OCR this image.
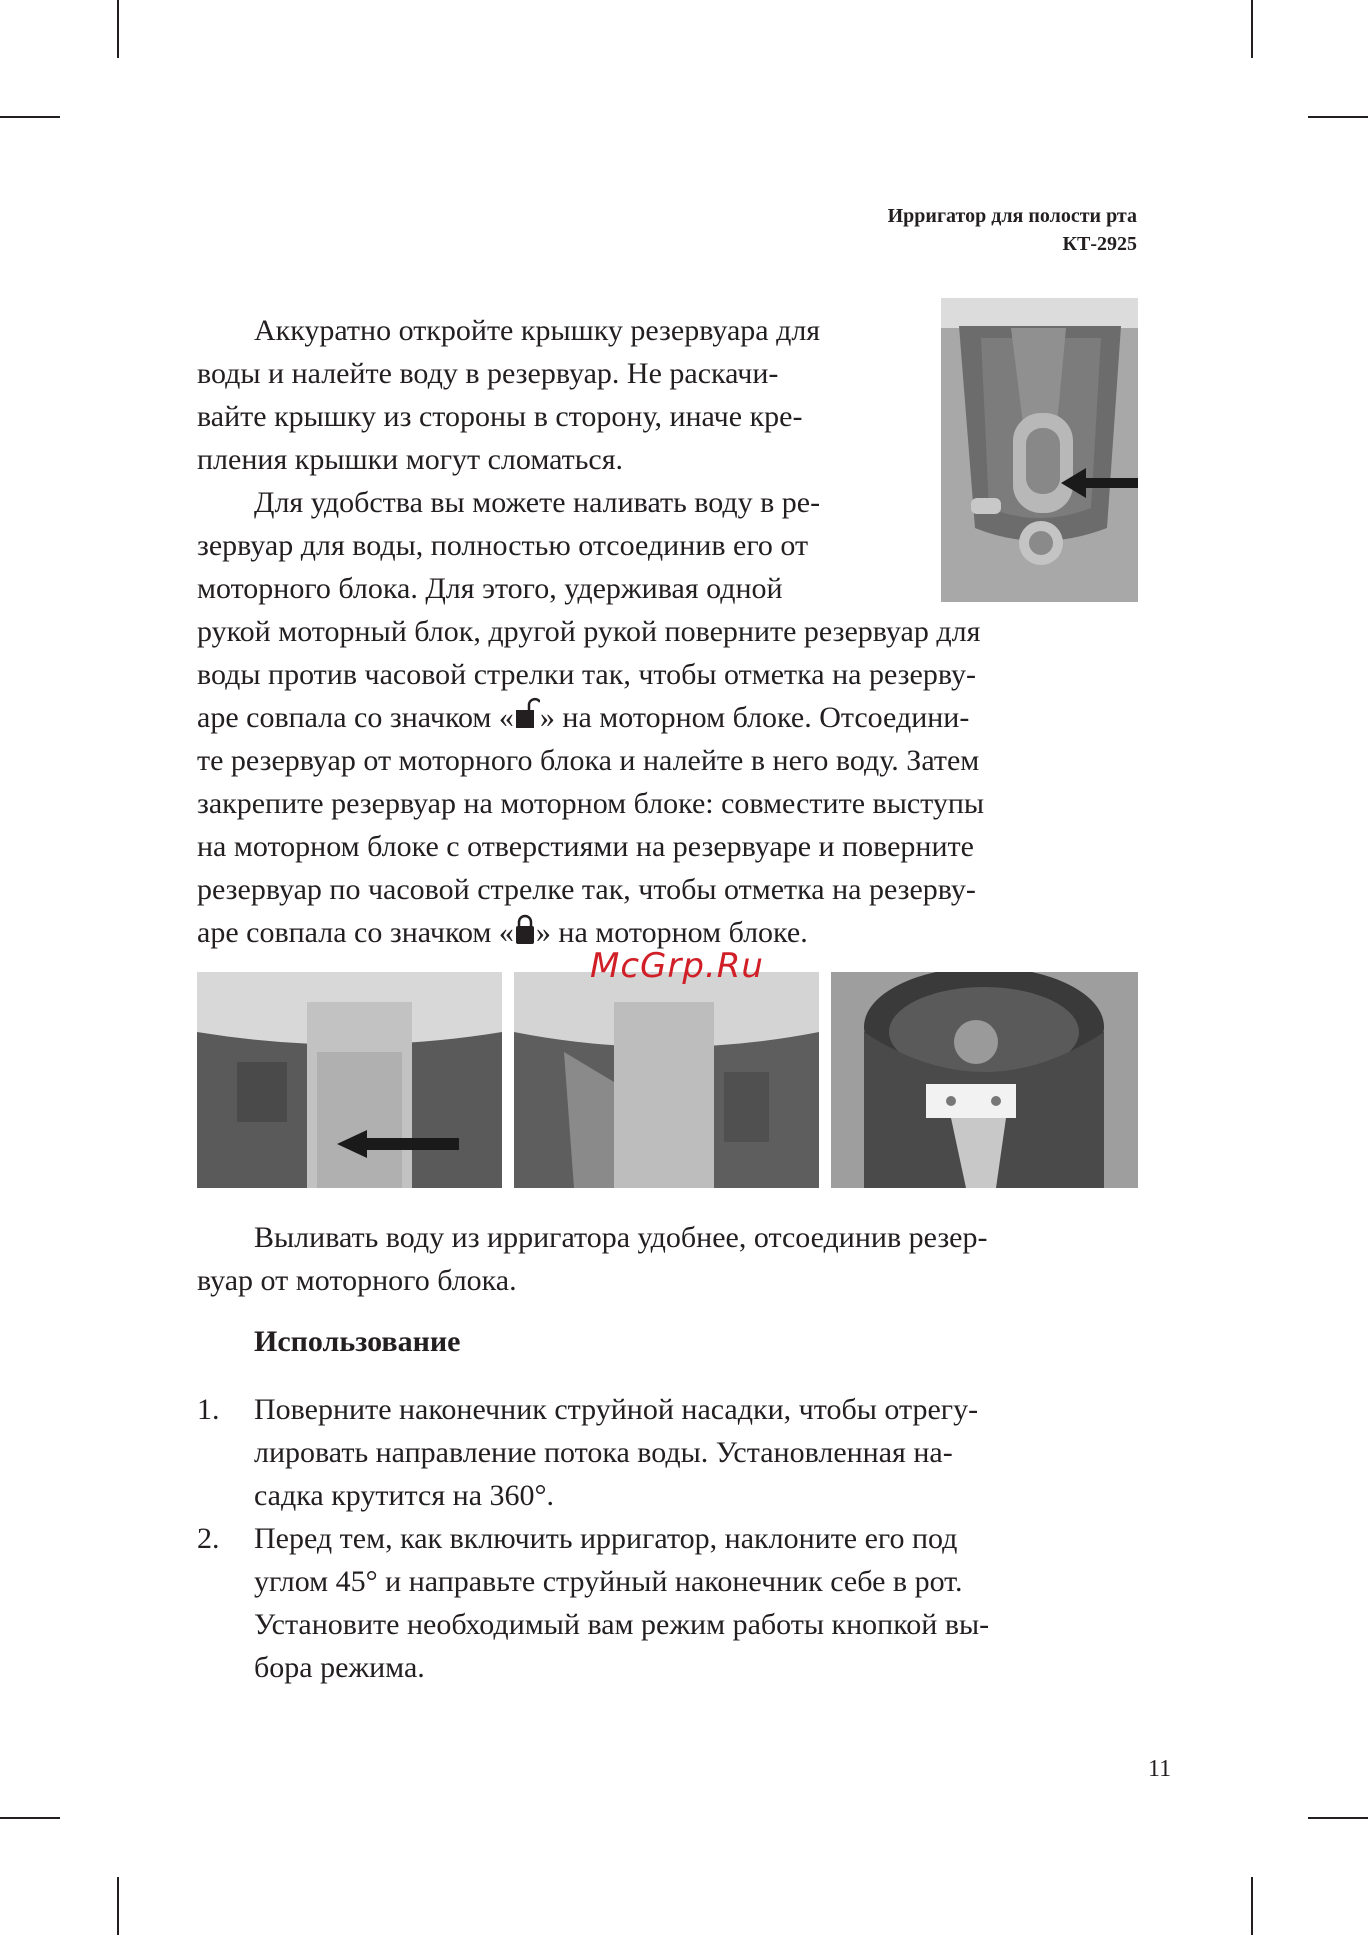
Ирригатор для полости рта
КТ-2925
Аккуратно откройте крышку резервуара для
воды и налейте воду в резервуар. Не раскачи-
вайте крышку из стороны в сторону, иначе кре-
пления крышки могут сломаться.
Для удобства вы можете наливать воду в ре-
зервуар для воды, полностью отсоединив его от
моторного блока. Для этого, удерживая одной
рукой моторный блок, другой рукой поверните резервуар для
воды против часовой стрелки так, чтобы отметка на резерву-
аре совпала со значком « » на моторном блоке. Отсоедини-
те резервуар от моторного блока и налейте в него воду. Затем
закрепите резервуар на моторном блоке: совместите выступы
на моторном блоке с отверстиями на резервуаре и поверните
резервуар по часовой стрелке так, чтобы отметка на резерву-
аре совпала со значком « » на моторном блоке.
McGrp.Ru
Выливать воду из ирригатора удобнее, отсоединив резер-
вуар от моторного блока.
Использование
1. Поверните наконечник струйной насадки, чтобы отрегу-
лировать направление потока воды. Установленная на-
садка крутится на 360°.
2. Перед тем, как включить ирригатор, наклоните его под
углом 45° и направьте струйный наконечник себе в рот.
Установите необходимый вам режим работы кнопкой вы-
бора режима.
11
